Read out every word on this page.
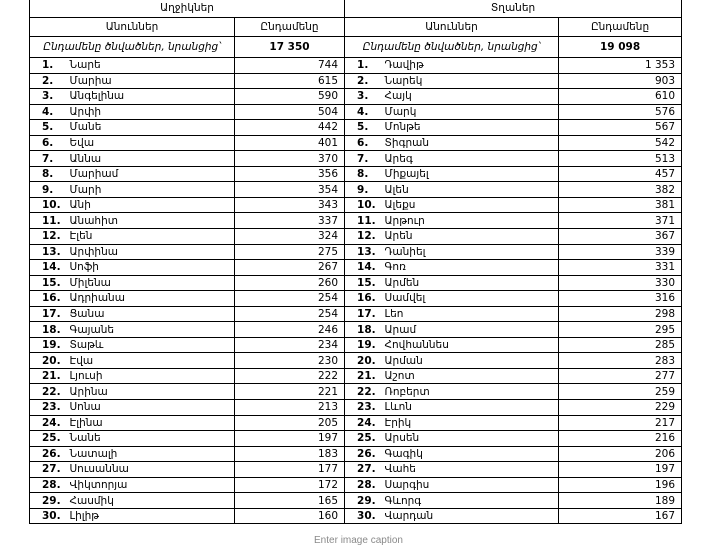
Աղջիկներ			Տղաներ		
Անուններ		Ընդամենը	Անուններ		Ընդամենը
Ընդամենը ծնվածներ, նրանցից՝		17 350	Ընդամենը ծնվածներ, նրանցից՝		19 098
1.	Նարե	744	1.	Դավիթ	1 353
2.	Մարիա	615	2.	Նարեկ	903
3.	Անգելինա	590	3.	Հայկ	610
4.	Արփի	504	4.	Մարկ	576
5.	Մանե	442	5.	Մոնթե	567
6.	Եվա	401	6.	Տիգրան	542
7.	Աննա	370	7.	Արեգ	513
8.	Մարիամ	356	8.	Միքայել	457
9.	Մարի	354	9.	Ալեն	382
10.	Անի	343	10.	Ալեքս	381
11.	Անահիտ	337	11.	Արթուր	371
12.	Էլեն	324	12.	Արեն	367
13.	Արփինա	275	13.	Դանիել	339
14.	Սոֆի	267	14.	Գոռ	331
15.	Միլենա	260	15.	Արմեն	330
16.	Ադրիանա	254	16.	Սամվել	316
17.	Ցանա	254	17.	Լեո	298
18.	Գայանե	246	18.	Արամ	295
19.	Տաթև	234	19.	Հովհաննես	285
20.	Էվա	230	20.	Արման	283
21.	Լյուսի	222	21.	Աշոտ	277
22.	Արինա	221	22.	Ռոբերտ	259
23.	Սոնա	213	23.	Լևոն	229
24.	Էլինա	205	24.	Էրիկ	217
25.	Նանե	197	25.	Արսեն	216
26.	Նատալի	183	26.	Գագիկ	206
27.	Սուսաննա	177	27.	Վահե	197
28.	Վիկտորյա	172	28.	Սարգիս	196
29.	Հասմիկ	165	29.	Գևորգ	189
30.	Լիլիթ	160	30.	Վարդան	167
Enter image caption
